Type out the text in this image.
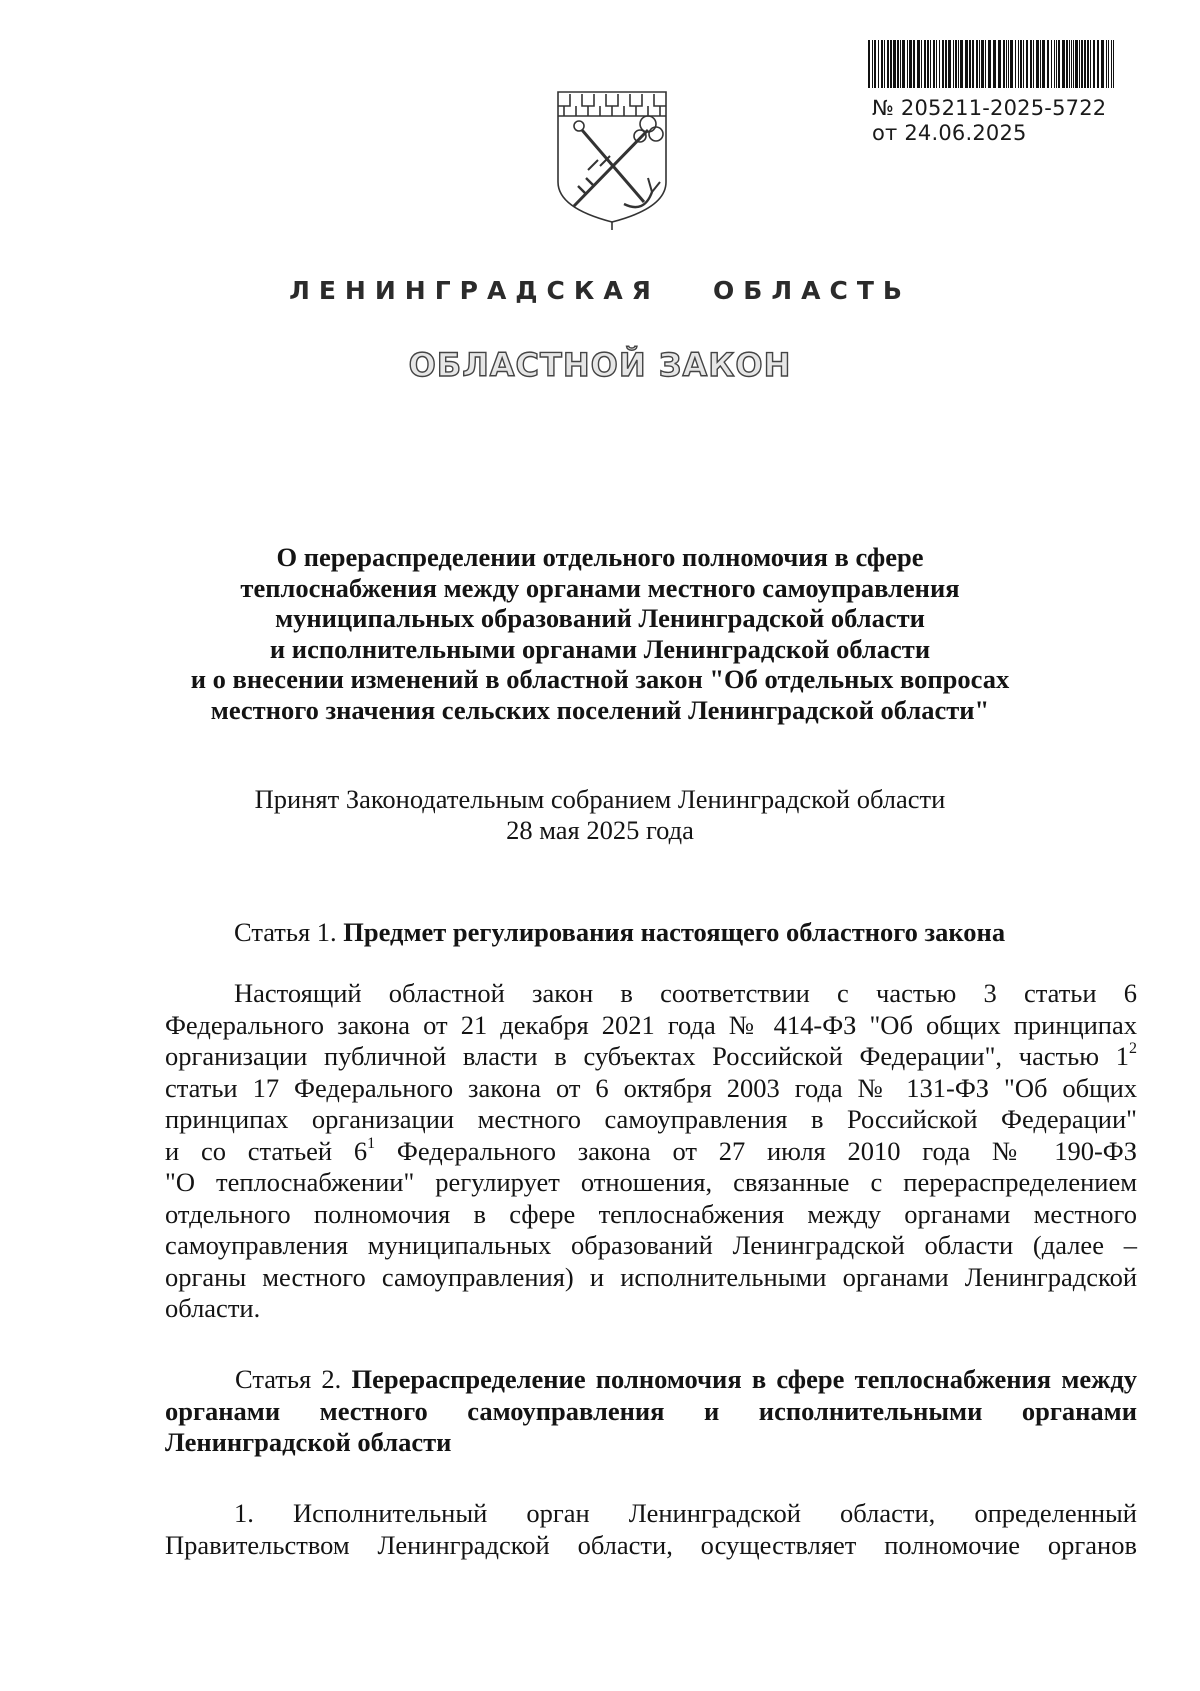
№ 205211-2025-5722
от 24.06.2025
ЛЕНИНГРАДСКАЯ   ОБЛАСТЬ
ОБЛАСТНОЙ ЗАКОН
О перераспределении отдельного полномочия в сфере
теплоснабжения между органами местного самоуправления
муниципальных образований Ленинградской области
и исполнительными органами Ленинградской области
и о внесении изменений в областной закон "Об отдельных вопросах
местного значения сельских поселений Ленинградской области"
Принят Законодательным собранием Ленинградской области
28 мая 2025 года
Статья 1. Предмет регулирования настоящего областного закона
Настоящий областной закон в соответствии с частью 3 статьи 6
Федерального закона от 21 декабря 2021 года № 414-ФЗ "Об общих принципах
организации публичной власти в субъектах Российской Федерации", частью $1^2$
статьи 17 Федерального закона от 6 октября 2003 года № 131-ФЗ "Об общих
принципах организации местного самоуправления в Российской Федерации"
и со статьей $6^1$ Федерального закона от 27 июля 2010 года № 190-ФЗ
"О теплоснабжении" регулирует отношения, связанные с перераспределением
отдельного полномочия в сфере теплоснабжения между органами местного
самоуправления муниципальных образований Ленинградской области (далее –
органы местного самоуправления) и исполнительными органами Ленинградской
области.
Статья 2. Перераспределение полномочия в сфере теплоснабжения между органами местного самоуправления и исполнительными органами Ленинградской области
1. Исполнительный орган Ленинградской области, определенный
Правительством Ленинградской области, осуществляет полномочие органов
